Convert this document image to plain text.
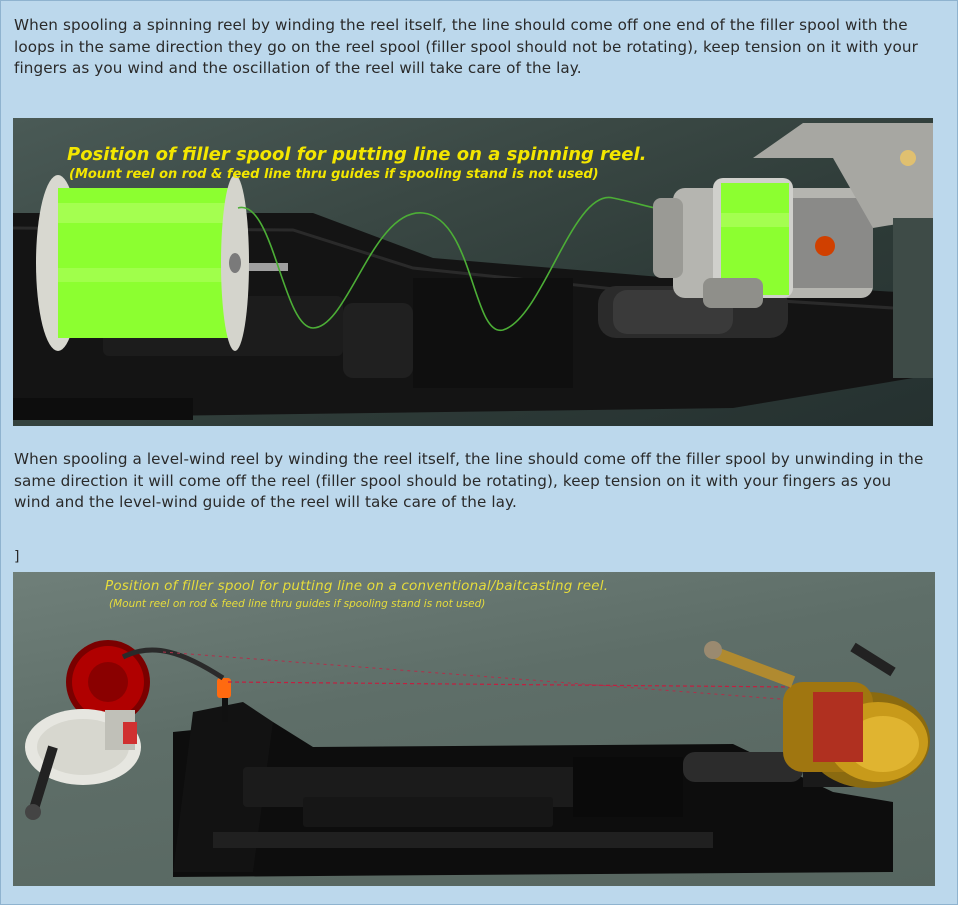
When spooling a spinning reel by winding the reel itself, the line should come off one end of the filler spool with the loops in the same direction they go on the reel spool (filler spool should not be rotating), keep tension on it with your fingers as you wind and the oscillation of the reel will take care of the lay.
Position of filler spool for putting line on a spinning reel.
(Mount reel on rod & feed line thru guides if spooling stand is not used)
When spooling a level-wind reel by winding the reel itself, the line should come off the filler spool by unwinding in the same direction it will come off the reel (filler spool should be rotating), keep tension on it with your fingers as you wind and the level-wind guide of the reel will take care of the lay.
]
Position of filler spool for putting line on a conventional/baitcasting reel.
(Mount reel on rod & feed line thru guides if spooling stand is not used)
